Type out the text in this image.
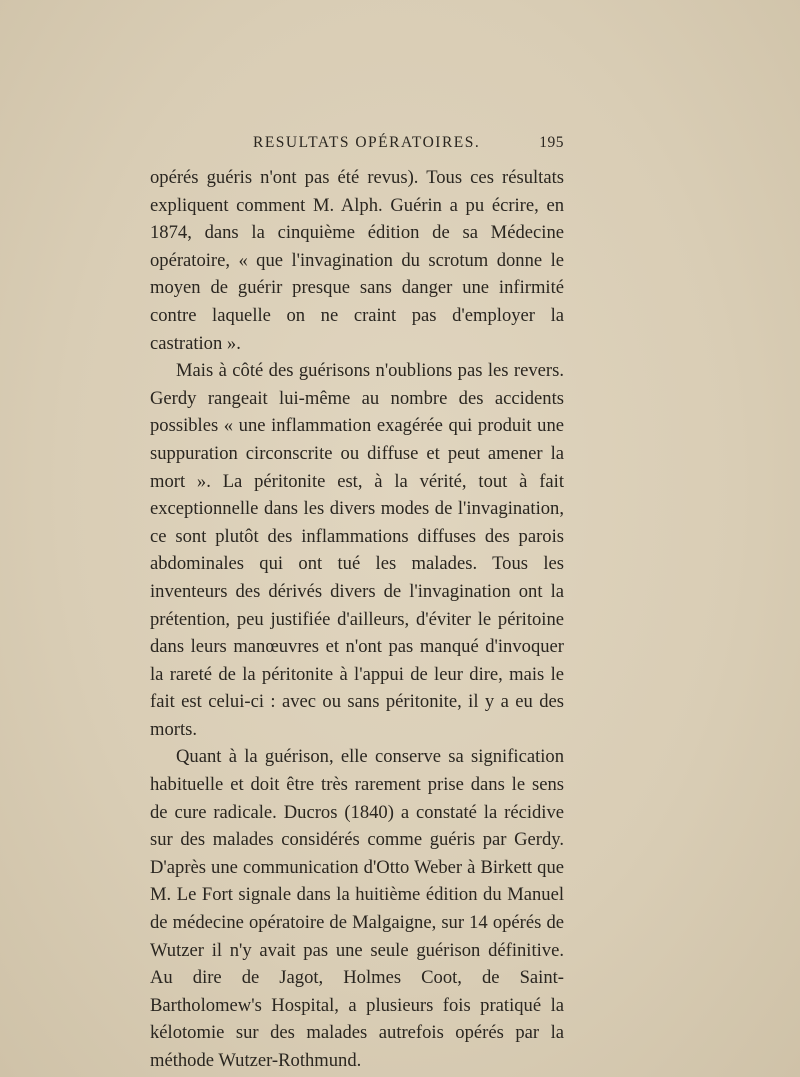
RESULTATS OPÉRATOIRES.	195

opérés guéris n'ont pas été revus). Tous ces résultats expliquent comment M. Alph. Guérin a pu écrire, en 1874, dans la cinquième édition de sa Médecine opératoire, « que l'invagination du scrotum donne le moyen de guérir presque sans danger une infirmité contre laquelle on ne craint pas d'employer la castration ».

Mais à côté des guérisons n'oublions pas les revers. Gerdy rangeait lui-même au nombre des accidents possibles « une inflammation exagérée qui produit une suppuration circonscrite ou diffuse et peut amener la mort ». La péritonite est, à la vérité, tout à fait exceptionnelle dans les divers modes de l'invagination, ce sont plutôt des inflammations diffuses des parois abdominales qui ont tué les malades. Tous les inventeurs des dérivés divers de l'invagination ont la prétention, peu justifiée d'ailleurs, d'éviter le péritoine dans leurs manœuvres et n'ont pas manqué d'invoquer la rareté de la péritonite à l'appui de leur dire, mais le fait est celui-ci : avec ou sans péritonite, il y a eu des morts.

Quant à la guérison, elle conserve sa signification habituelle et doit être très rarement prise dans le sens de cure radicale. Ducros (1840) a constaté la récidive sur des malades considérés comme guéris par Gerdy. D'après une communication d'Otto Weber à Birkett que M. Le Fort signale dans la huitième édition du Manuel de médecine opératoire de Malgaigne, sur 14 opérés de Wutzer il n'y avait pas une seule guérison définitive. Au dire de Jagot, Holmes Coot, de Saint-Bartholomew's Hospital, a plusieurs fois pratiqué la kélotomie sur des malades autrefois opérés par la méthode Wutzer-Rothmund.
